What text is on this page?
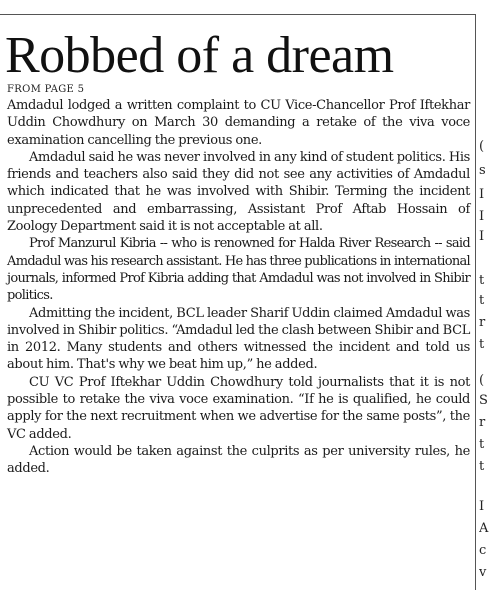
Robbed of a dream
FROM PAGE 5

Amdadul lodged a written complaint to CU Vice-Chancellor Prof Iftekhar Uddin Chowdhury on March 30 demanding a retake of the viva voce examination cancelling the previous one.

Amdadul said he was never involved in any kind of student politics. His friends and teachers also said they did not see any activities of Amdadul which indicated that he was involved with Shibir. Terming the incident unprecedented and embarrassing, Assistant Prof Aftab Hossain of Zoology Department said it is not acceptable at all.

Prof Manzurul Kibria -- who is renowned for Halda River Research -- said Amdadul was his research assistant. He has three publications in international journals, informed Prof Kibria adding that Amdadul was not involved in Shibir politics.

Admitting the incident, BCL leader Sharif Uddin claimed Amdadul was involved in Shibir politics. “Amdadul led the clash between Shibir and BCL in 2012. Many students and others witnessed the incident and told us about him. That's why we beat him up,” he added.

CU VC Prof Iftekhar Uddin Chowdhury told journalists that it is not possible to retake the viva voce examination. “If he is qualified, he could apply for the next recruitment when we advertise for the same posts”, the VC added.

Action would be taken against the culprits as per university rules, he added.

(
s
I
I
I
t
t
r
t
(
S
r
t
t
I
A
c
v
